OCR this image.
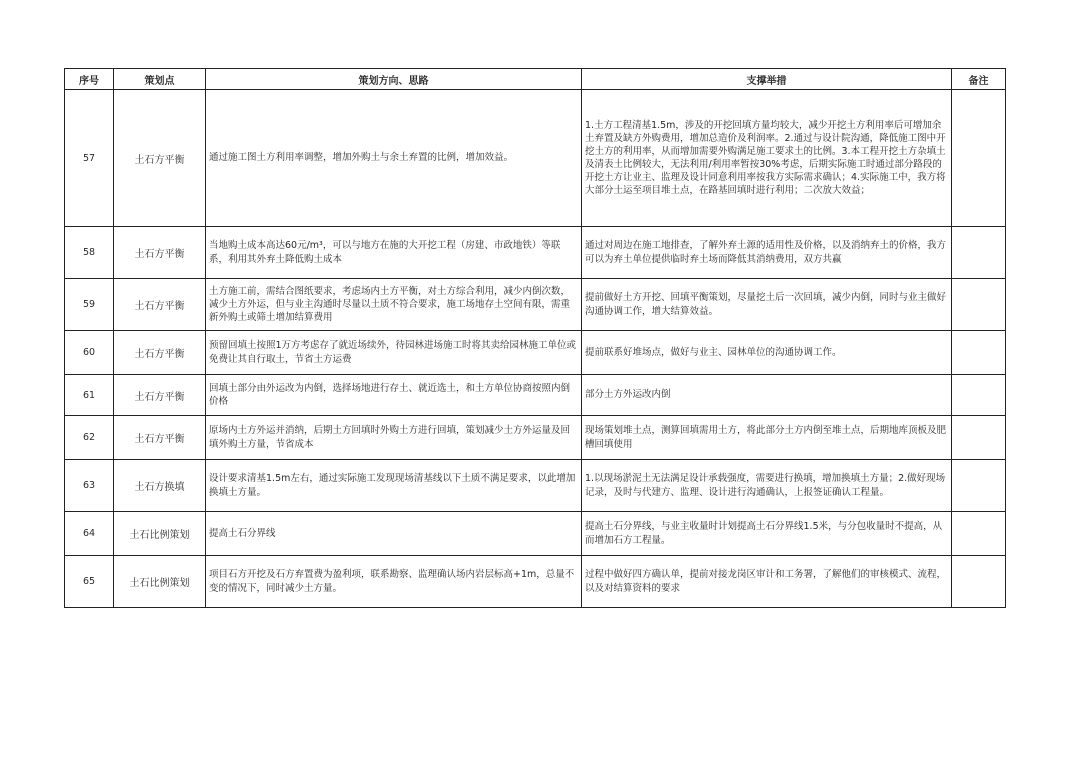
序号	策划点	策划方向、思路	支撑举措	备注
57	土石方平衡	通过施工图土方利用率调整，增加外购土与余土弃置的比例，增加效益。	1.土方工程清基1.5m，涉及的开挖回填方量均较大，减少开挖土方利用率后可增加余土弃置及缺方外购费用，增加总造价及利润率。2.通过与设计院沟通，降低施工图中开挖土方的利用率，从而增加需要外购满足施工要求土的比例。3.本工程开挖土方杂填土及清表土比例较大，无法利用/利用率暂按30%考虑，后期实际施工时通过部分路段的开挖土方让业主、监理及设计同意利用率按我方实际需求确认；4.实际施工中，我方将大部分土运至项目堆土点，在路基回填时进行利用；二次放大效益；	
58	土石方平衡	当地购土成本高达60元/m³，可以与地方在施的大开挖工程（房建、市政地铁）等联系，利用其外弃土降低购土成本	通过对周边在施工地排查，了解外弃土源的适用性及价格，以及消纳弃土的价格，我方可以为弃土单位提供临时弃土场而降低其消纳费用，双方共赢	
59	土石方平衡	土方施工前，需结合图纸要求，考虑场内土方平衡，对土方综合利用，减少内倒次数，减少土方外运，但与业主沟通时尽量以土质不符合要求，施工场地存土空间有限，需重新外购土或筛土增加结算费用	提前做好土方开挖、回填平衡策划，尽量挖土后一次回填，减少内倒，同时与业主做好沟通协调工作，增大结算效益。	
60	土石方平衡	预留回填土按照1万方考虑存了就近场续外，待园林进场施工时将其卖给园林施工单位或免费让其自行取土，节省土方运费	提前联系好堆场点，做好与业主、园林单位的沟通协调工作。	
61	土石方平衡	回填土部分由外运改为内倒，选择场地进行存土、就近选土，和土方单位协商按照内倒价格	部分土方外运改内倒	
62	土石方平衡	原场内土方外运并消纳，后期土方回填时外购土方进行回填，策划减少土方外运量及回填外购土方量，节省成本	现场策划堆土点，测算回填需用土方，将此部分土方内倒至堆土点，后期地库顶板及肥槽回填使用	
63	土石方换填	设计要求清基1.5m左右，通过实际施工发现现场清基线以下土质不满足要求，以此增加换填土方量。	1.以现场淤泥土无法满足设计承载强度，需要进行换填，增加换填土方量；2.做好现场记录，及时与代建方、监理、设计进行沟通确认，上报签证确认工程量。	
64	土石比例策划	提高土石分界线	提高土石分界线，与业主收量时计划提高土石分界线1.5米，与分包收量时不提高，从而增加石方工程量。	
65	土石比例策划	项目石方开挖及石方弃置费为盈利项，联系勘察、监理确认场内岩层标高+1m，总量不变的情况下，同时减少土方量。	过程中做好四方确认单，提前对接龙岗区审计和工务署，了解他们的审核模式、流程，以及对结算资料的要求	
